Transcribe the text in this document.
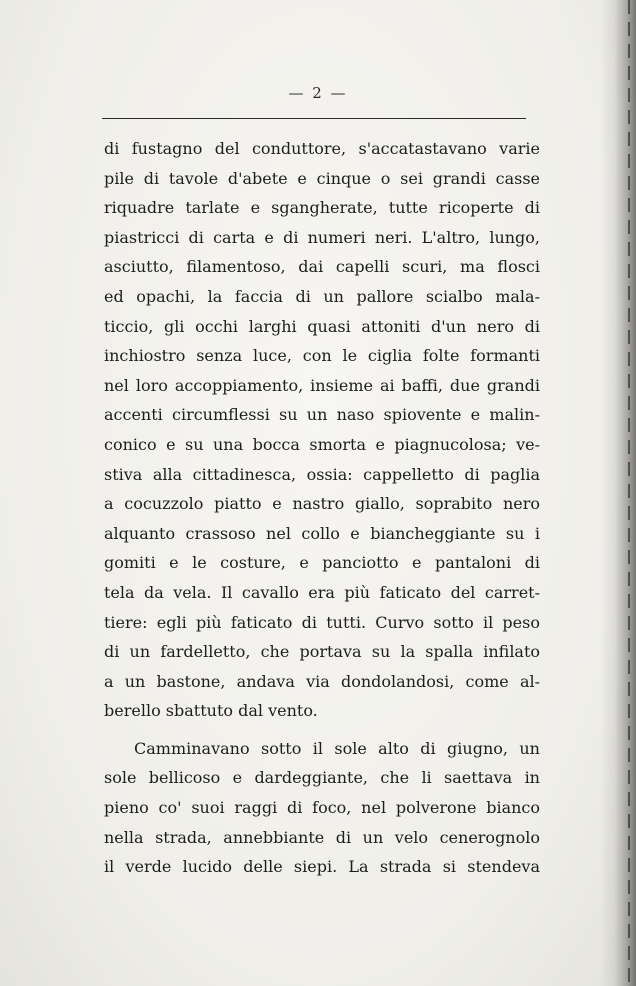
— 2 —
di fustagno del conduttore, s'accatastavano varie
pile di tavole d'abete e cinque o sei grandi casse
riquadre tarlate e sgangherate, tutte ricoperte di
piastricci di carta e di numeri neri. L'altro, lungo,
asciutto, filamentoso, dai capelli scuri, ma flosci
ed opachi, la faccia di un pallore scialbo mala-
ticcio, gli occhi larghi quasi attoniti d'un nero di
inchiostro senza luce, con le ciglia folte formanti
nel loro accoppiamento, insieme ai baffi, due grandi
accenti circumflessi su un naso spiovente e malin-
conico e su una bocca smorta e piagnucolosa; ve-
stiva alla cittadinesca, ossia: cappelletto di paglia
a cocuzzolo piatto e nastro giallo, soprabito nero
alquanto crassoso nel collo e biancheggiante su i
gomiti e le costure, e panciotto e pantaloni di
tela da vela. Il cavallo era più faticato del carret-
tiere: egli più faticato di tutti. Curvo sotto il peso
di un fardelletto, che portava su la spalla infilato
a un bastone, andava via dondolandosi, come al-
berello sbattuto dal vento.
Camminavano sotto il sole alto di giugno, un
sole bellicoso e dardeggiante, che li saettava in
pieno co' suoi raggi di foco, nel polverone bianco
nella strada, annebbiante di un velo cenerognolo
il verde lucido delle siepi. La strada si stendeva
